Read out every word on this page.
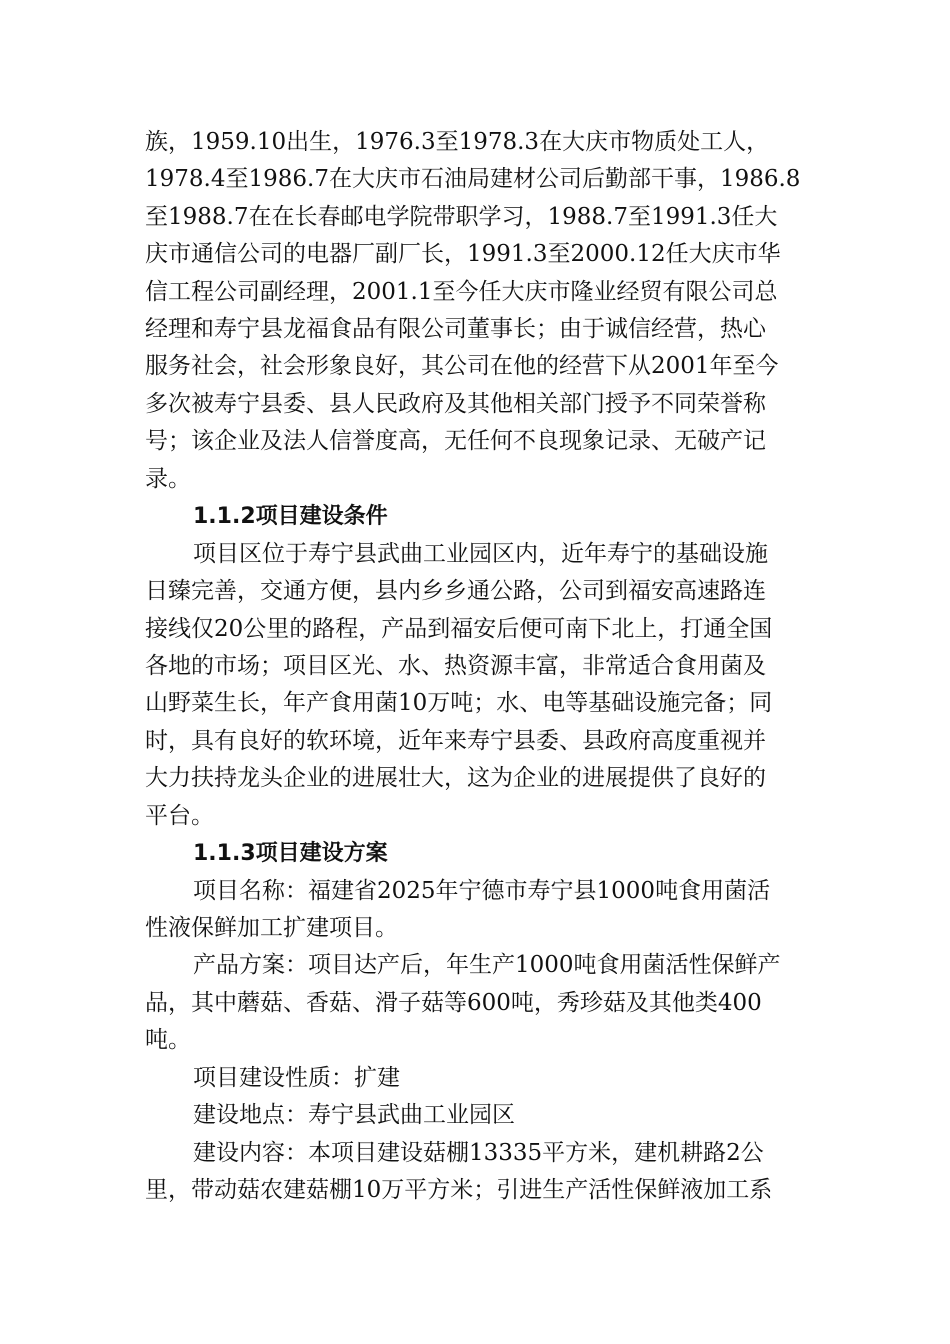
族，1959.10出生，1976.3至1978.3在大庆市物质处工人，
1978.4至1986.7在大庆市石油局建材公司后勤部干事，1986.8
至1988.7在在长春邮电学院带职学习，1988.7至1991.3任大
庆市通信公司的电器厂副厂长，1991.3至2000.12任大庆市华
信工程公司副经理，2001.1至今任大庆市隆业经贸有限公司总
经理和寿宁县龙福食品有限公司董事长；由于诚信经营，热心
服务社会，社会形象良好，其公司在他的经营下从2001年至今
多次被寿宁县委、县人民政府及其他相关部门授予不同荣誉称
号；该企业及法人信誉度高，无任何不良现象记录、无破产记
录。
1.1.2项目建设条件
项目区位于寿宁县武曲工业园区内，近年寿宁的基础设施
日臻完善，交通方便，县内乡乡通公路，公司到福安高速路连
接线仅20公里的路程，产品到福安后便可南下北上，打通全国
各地的市场；项目区光、水、热资源丰富，非常适合食用菌及
山野菜生长，年产食用菌10万吨；水、电等基础设施完备；同
时，具有良好的软环境，近年来寿宁县委、县政府高度重视并
大力扶持龙头企业的进展壮大，这为企业的进展提供了良好的
平台。
1.1.3项目建设方案
项目名称：福建省2025年宁德市寿宁县1000吨食用菌活
性液保鲜加工扩建项目。
产品方案：项目达产后，年生产1000吨食用菌活性保鲜产
品，其中蘑菇、香菇、滑子菇等600吨，秀珍菇及其他类400
吨。
项目建设性质：扩建
建设地点：寿宁县武曲工业园区
建设内容：本项目建设菇棚13335平方米，建机耕路2公
里，带动菇农建菇棚10万平方米；引进生产活性保鲜液加工系
